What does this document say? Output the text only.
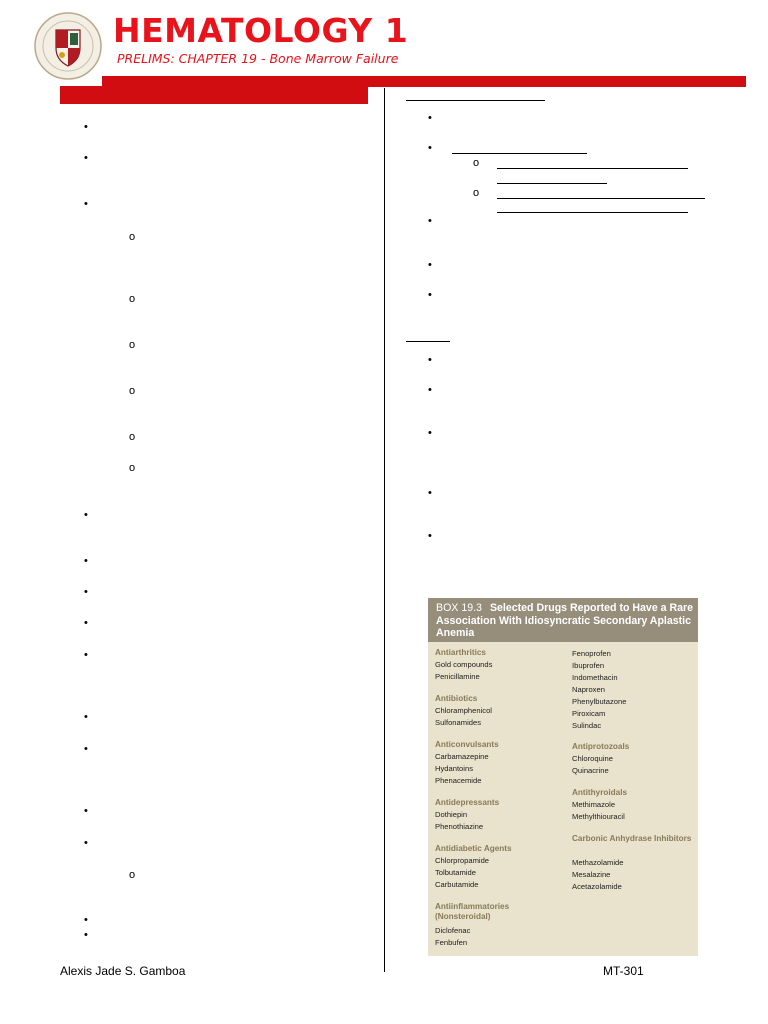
HEMATOLOGY 1
PRELIMS: CHAPTER 19 - Bone Marrow Failure
•
•
•
o
o
o
o
o
o
•
•
•
•
•
•
•
•
•
o
•
•
•
•
o
o
•
•
•
•
•
•
•
•
BOX 19.3 Selected Drugs Reported to Have a Rare Association With Idiosyncratic Secondary Aplastic Anemia
Antiarthritics
Gold compounds
Penicillamine
Antibiotics
Chloramphenicol
Sulfonamides
Anticonvulsants
Carbamazepine
Hydantoins
Phenacemide
Antidepressants
Dothiepin
Phenothiazine
Antidiabetic Agents
Chlorpropamide
Tolbutamide
Carbutamide
Antiinflammatories (Nonsteroidal)
Diclofenac
Fenbufen
Fenoprofen
Ibuprofen
Indomethacin
Naproxen
Phenylbutazone
Piroxicam
Sulindac
Antiprotozoals
Chloroquine
Quinacrine
Antithyroidals
Methimazole
Methylthiouracil
Carbonic Anhydrase Inhibitors
Methazolamide
Mesalazine
Acetazolamide
Alexis Jade S. Gamboa	MT-301
